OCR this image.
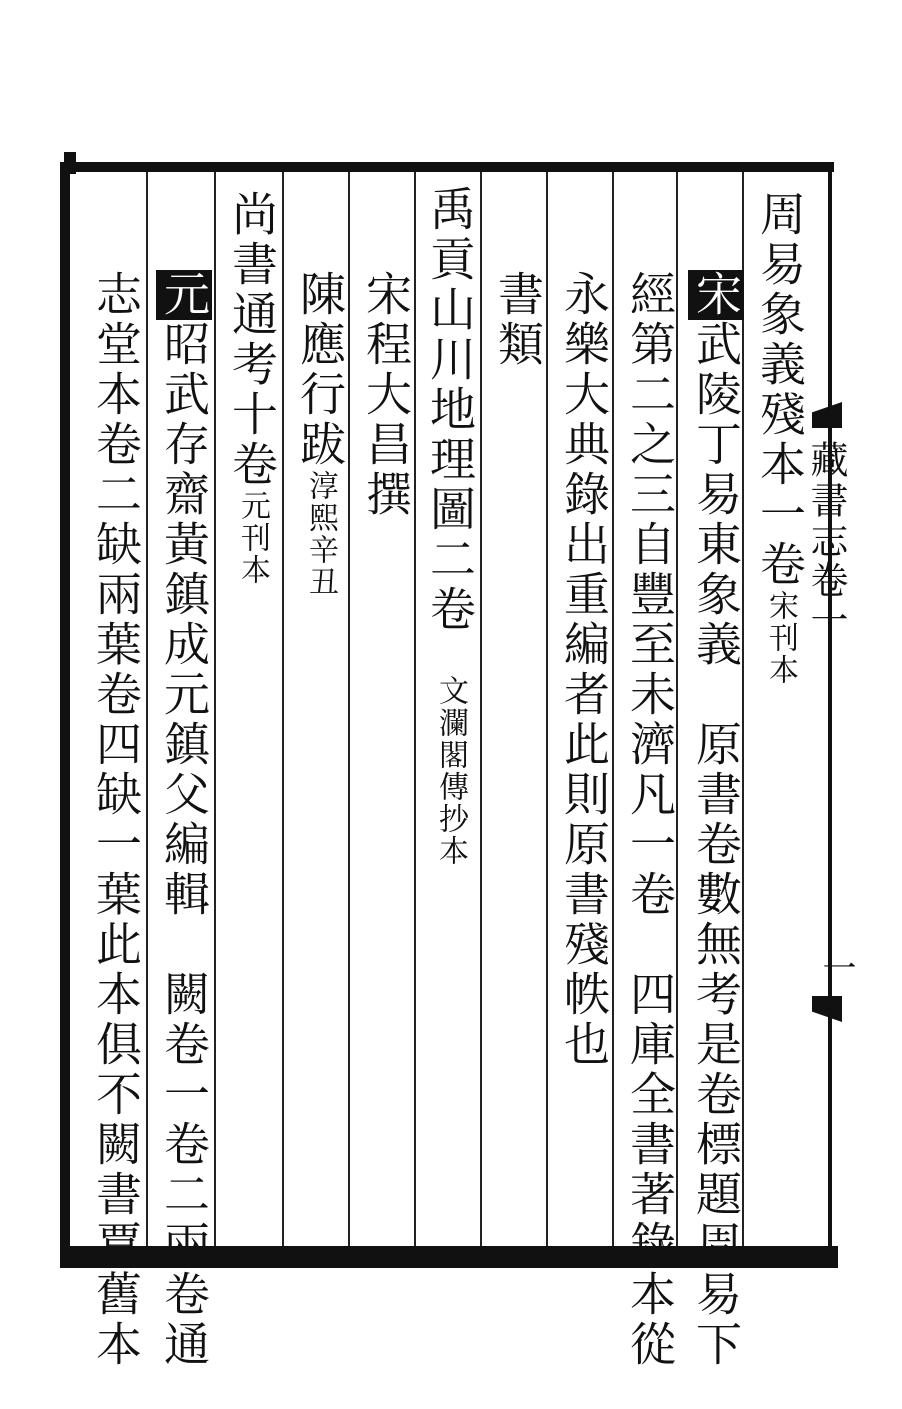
藏書志卷一
一
周易象義殘本一卷宋刊本
宋武陵丁易東象義　原書卷數無考是卷標題周易下
經第二之三自豐至未濟凡一卷　四庫全書著錄本從
永樂大典錄出重編者此則原書殘帙也
書類
禹貢山川地理圖二卷文瀾閣傳抄本
宋程大昌撰
陳應行跋淳熙辛丑
尚書通考十卷元刊本
元昭武存齋黃鎮成元鎮父編輯　闕卷一卷二兩卷通
志堂本卷二缺兩葉卷四缺一葉此本俱不闕書賈舊本
